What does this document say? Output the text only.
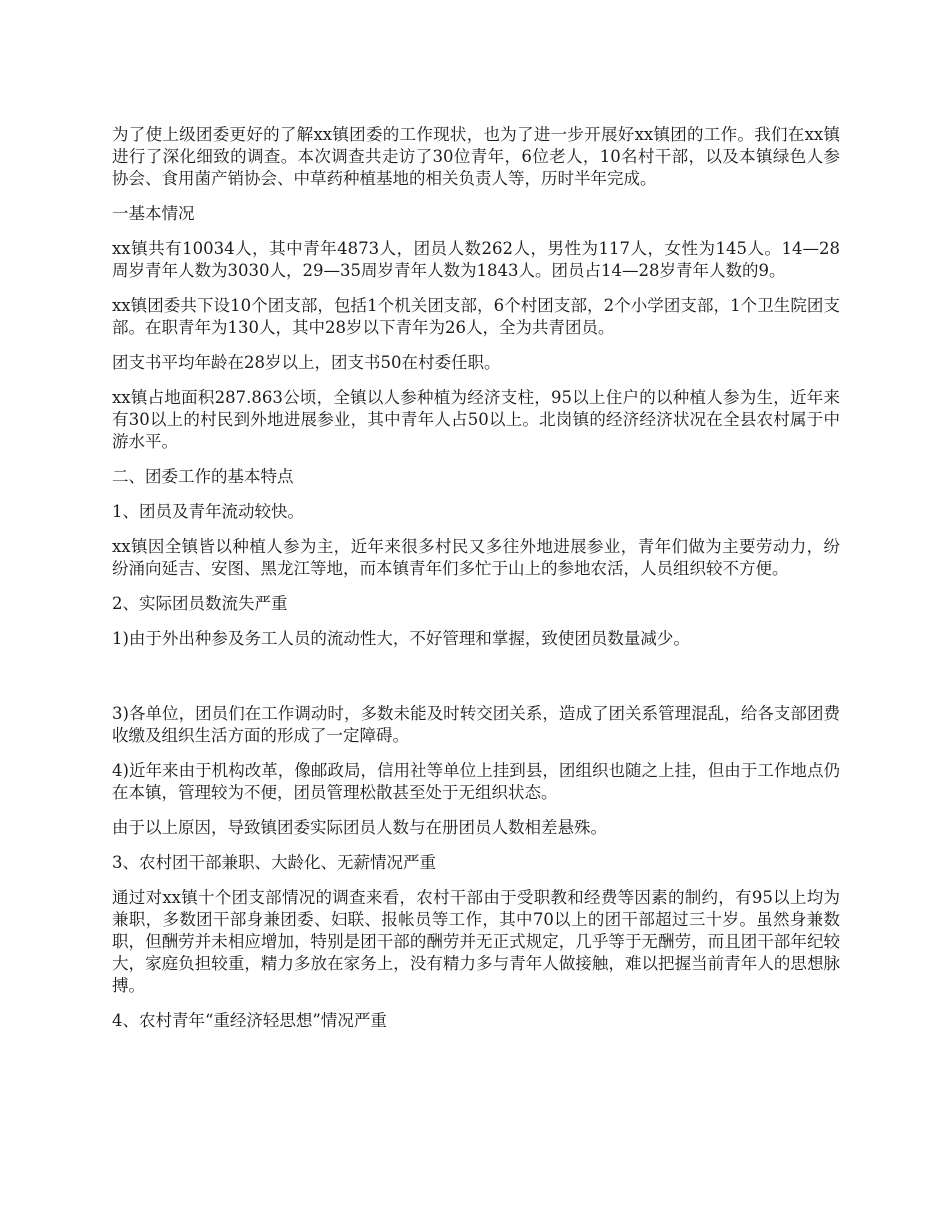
为了使上级团委更好的了解xx镇团委的工作现状，也为了进一步开展好xx镇团的工作。我们在xx镇进行了深化细致的调查。本次调查共走访了30位青年，6位老人，10名村干部，以及本镇绿色人参协会、食用菌产销协会、中草药种植基地的相关负责人等，历时半年完成。

一基本情况

xx镇共有10034人，其中青年4873人，团员人数262人，男性为117人，女性为145人。14—28周岁青年人数为3030人，29—35周岁青年人数为1843人。团员占14—28岁青年人数的9。

xx镇团委共下设10个团支部，包括1个机关团支部，6个村团支部，2个小学团支部，1个卫生院团支部。在职青年为130人，其中28岁以下青年为26人，全为共青团员。

团支书平均年龄在28岁以上，团支书50在村委任职。

xx镇占地面积287.863公顷，全镇以人参种植为经济支柱，95以上住户的以种植人参为生，近年来有30以上的村民到外地进展参业，其中青年人占50以上。北岗镇的经济经济状况在全县农村属于中游水平。

二、团委工作的基本特点

1、团员及青年流动较快。

xx镇因全镇皆以种植人参为主，近年来很多村民又多往外地进展参业，青年们做为主要劳动力，纷纷涌向延吉、安图、黑龙江等地，而本镇青年们多忙于山上的参地农活，人员组织较不方便。

2、实际团员数流失严重

1)由于外出种参及务工人员的流动性大，不好管理和掌握，致使团员数量减少。

3)各单位，团员们在工作调动时，多数未能及时转交团关系，造成了团关系管理混乱，给各支部团费收缴及组织生活方面的形成了一定障碍。

4)近年来由于机构改革，像邮政局，信用社等单位上挂到县，团组织也随之上挂，但由于工作地点仍在本镇，管理较为不便，团员管理松散甚至处于无组织状态。

由于以上原因，导致镇团委实际团员人数与在册团员人数相差悬殊。

3、农村团干部兼职、大龄化、无薪情况严重

通过对xx镇十个团支部情况的调查来看，农村干部由于受职教和经费等因素的制约，有95以上均为兼职，多数团干部身兼团委、妇联、报帐员等工作，其中70以上的团干部超过三十岁。虽然身兼数职，但酬劳并未相应增加，特别是团干部的酬劳并无正式规定，几乎等于无酬劳，而且团干部年纪较大，家庭负担较重，精力多放在家务上，没有精力多与青年人做接触，难以把握当前青年人的思想脉搏。

4、农村青年“重经济轻思想”情况严重
